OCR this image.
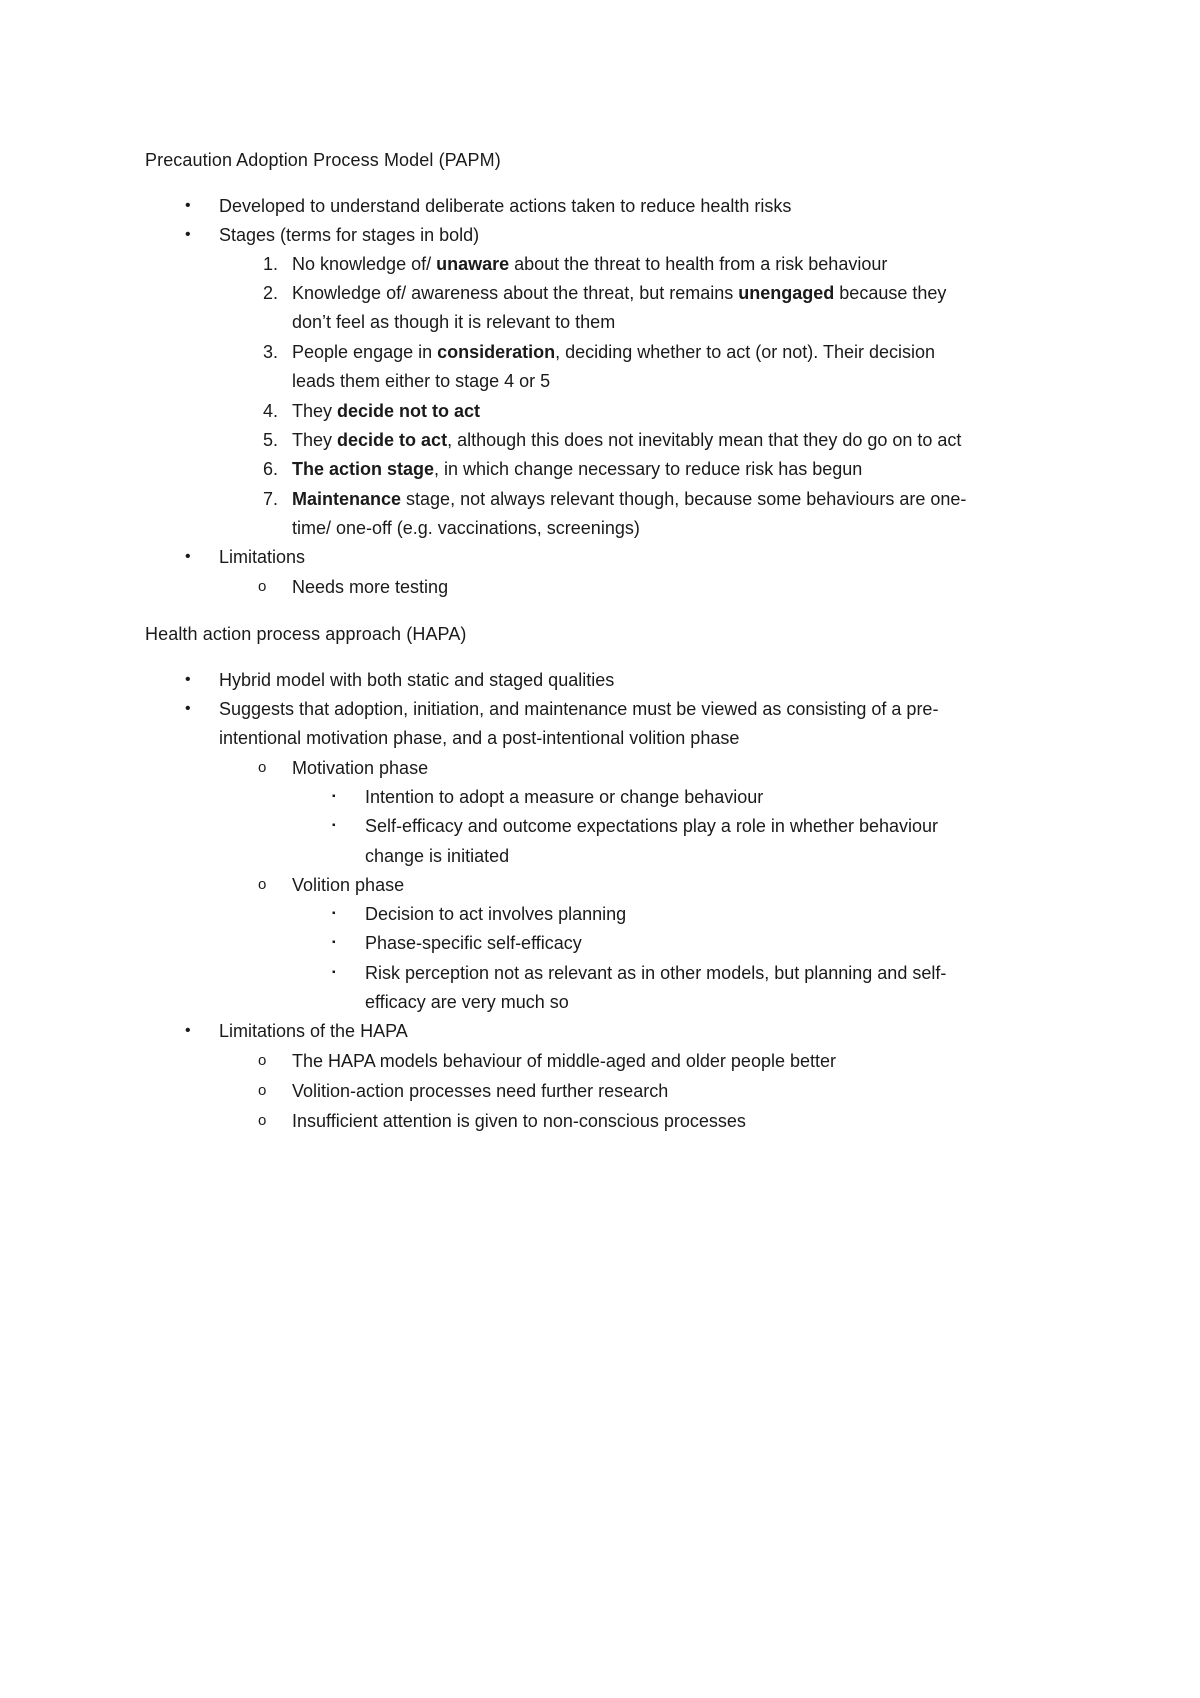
Precaution Adoption Process Model (PAPM)
• Developed to understand deliberate actions taken to reduce health risks
• Stages (terms for stages in bold)
1. No knowledge of/ unaware about the threat to health from a risk behaviour
2. Knowledge of/ awareness about the threat, but remains unengaged because they
don’t feel as though it is relevant to them
3. People engage in consideration, deciding whether to act (or not). Their decision
leads them either to stage 4 or 5
4. They decide not to act
5. They decide to act, although this does not inevitably mean that they do go on to act
6. The action stage, in which change necessary to reduce risk has begun
7. Maintenance stage, not always relevant though, because some behaviours are one-
time/ one-off (e.g. vaccinations, screenings)
• Limitations
o Needs more testing
Health action process approach (HAPA)
• Hybrid model with both static and staged qualities
• Suggests that adoption, initiation, and maintenance must be viewed as consisting of a pre-
intentional motivation phase, and a post-intentional volition phase
o Motivation phase
▪ Intention to adopt a measure or change behaviour
▪ Self-efficacy and outcome expectations play a role in whether behaviour
change is initiated
o Volition phase
▪ Decision to act involves planning
▪ Phase-specific self-efficacy
▪ Risk perception not as relevant as in other models, but planning and self-
efficacy are very much so
• Limitations of the HAPA
o The HAPA models behaviour of middle-aged and older people better
o Volition-action processes need further research
o Insufficient attention is given to non-conscious processes
